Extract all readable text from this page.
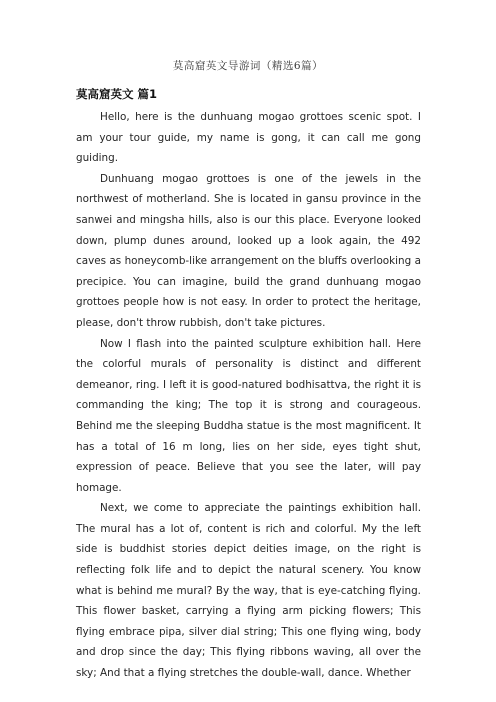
莫高窟英文导游词（精选6篇）
莫高窟英文 篇1

Hello, here is the dunhuang mogao grottoes scenic spot. I am your tour guide, my name is gong, it can call me gong guiding.

Dunhuang mogao grottoes is one of the jewels in the northwest of motherland. She is located in gansu province in the sanwei and mingsha hills, also is our this place. Everyone looked down, plump dunes around, looked up a look again, the 492 caves as honeycomb-like arrangement on the bluffs overlooking a precipice. You can imagine, build the grand dunhuang mogao grottoes people how is not easy. In order to protect the heritage, please, don't throw rubbish, don't take pictures.

Now I flash into the painted sculpture exhibition hall. Here the colorful murals of personality is distinct and different demeanor, ring. I left it is good-natured bodhisattva, the right it is commanding the king; The top it is strong and courageous. Behind me the sleeping Buddha statue is the most magnificent. It has a total of 16 m long, lies on her side, eyes tight shut, expression of peace. Believe that you see the later, will pay homage.

Next, we come to appreciate the paintings exhibition hall. The mural has a lot of, content is rich and colorful. My the left side is buddhist stories depict deities image, on the right is reflecting folk life and to depict the natural scenery. You know what is behind me mural? By the way, that is eye-catching flying. This flower basket, carrying a flying arm picking flowers; This flying embrace pipa, silver dial string; This one flying wing, body and drop since the day; This flying ribbons waving, all over the sky; And that a flying stretches the double-wall, dance. Whether
